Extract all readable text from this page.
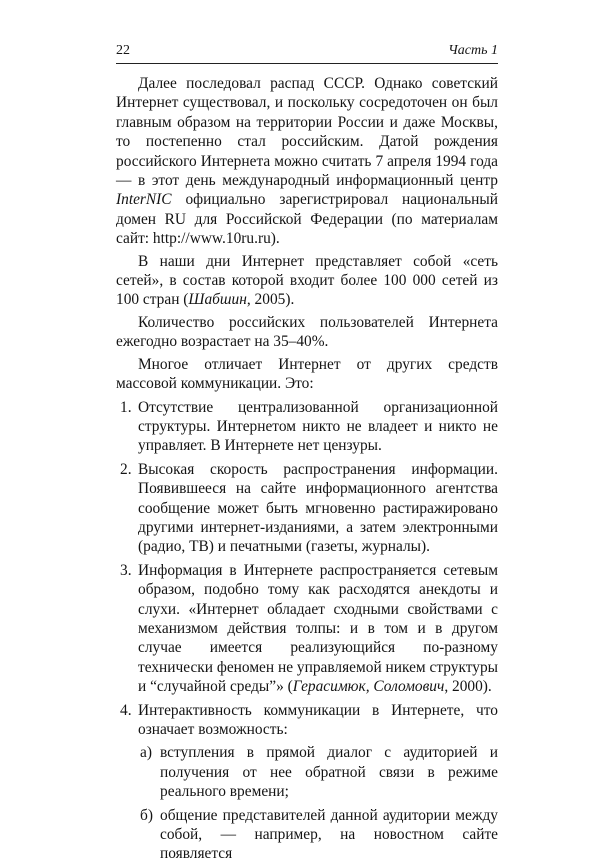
22	Часть 1

Далее последовал распад СССР. Однако советский Интернет существовал, и поскольку сосредоточен он был главным образом на территории России и даже Москвы, то постепенно стал российским. Датой рождения российского Интернета можно считать 7 апреля 1994 года — в этот день международный информационный центр InterNIC официально зарегистрировал национальный домен RU для Российской Федерации (по материалам сайт: http://www.10ru.ru).

В наши дни Интернет представляет собой «сеть сетей», в состав которой входит более 100 000 сетей из 100 стран (Шабшин, 2005).

Количество российских пользователей Интернета ежегодно возрастает на 35–40%.

Многое отличает Интернет от других средств массовой коммуникации. Это:

1. Отсутствие централизованной организационной структуры. Интернетом никто не владеет и никто не управляет. В Интернете нет цензуры.
2. Высокая скорость распространения информации. Появившееся на сайте информационного агентства сообщение может быть мгновенно растиражировано другими интернет-изданиями, а затем электронными (радио, ТВ) и печатными (газеты, журналы).
3. Информация в Интернете распространяется сетевым образом, подобно тому как расходятся анекдоты и слухи. «Интернет обладает сходными свойствами с механизмом действия толпы: и в том и в другом случае имеется реализующийся по-разному технически феномен не управляемой никем структуры и “случайной среды”» (Герасимюк, Соломович, 2000).
4. Интерактивность коммуникации в Интернете, что означает возможность:
а) вступления в прямой диалог с аудиторией и получения от нее обратной связи в режиме реального времени;
б) общение представителей данной аудитории между собой, — например, на новостном сайте появляется
